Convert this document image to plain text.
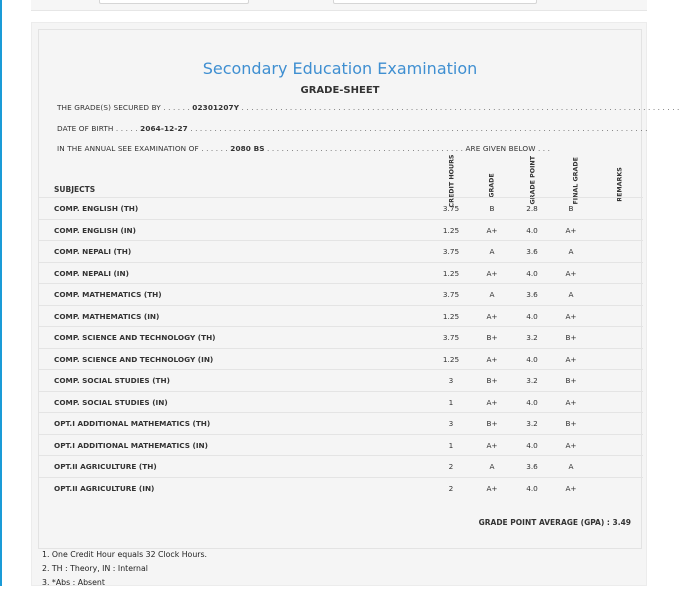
Secondary Education Examination
GRADE-SHEET
THE GRADE(S) SECURED BY . . . . . . 02301207Y . . . . . . . . . . . . . . . . . . . . . . . . . . . . . . . . . . . . . . . . . . . . . . . . . . . . . . . . . . . . . . . . . . . . . . . . . . . . . . . . . . . . . . . . . . .
DATE OF BIRTH . . . . . 2064-12-27 . . . . . . . . . . . . . . . . . . . . . . . . . . . . . . . . . . . . . . . . . . . . . . . . . . . . . . . . . . . . . . . . . . . . . . . . . . . . . . . . . . . . . . . . . . . . . . .
IN THE ANNUAL SEE EXAMINATION OF . . . . . . 2080 BS . . . . . . . . . . . . . . . . . . . . . . . . . . . . . . . . . . . . . . . . . ARE GIVEN BELOW . . .
SUBJECTS	CREDIT HOURS	GRADE	GRADE POINT	FINAL GRADE	REMARKS
COMP. ENGLISH (TH)	3.75	B	2.8	B
COMP. ENGLISH (IN)	1.25	A+	4.0	A+
COMP. NEPALI (TH)	3.75	A	3.6	A
COMP. NEPALI (IN)	1.25	A+	4.0	A+
COMP. MATHEMATICS (TH)	3.75	A	3.6	A
COMP. MATHEMATICS (IN)	1.25	A+	4.0	A+
COMP. SCIENCE AND TECHNOLOGY (TH)	3.75	B+	3.2	B+
COMP. SCIENCE AND TECHNOLOGY (IN)	1.25	A+	4.0	A+
COMP. SOCIAL STUDIES (TH)	3	B+	3.2	B+
COMP. SOCIAL STUDIES (IN)	1	A+	4.0	A+
OPT.I ADDITIONAL MATHEMATICS (TH)	3	B+	3.2	B+
OPT.I ADDITIONAL MATHEMATICS (IN)	1	A+	4.0	A+
OPT.II AGRICULTURE (TH)	2	A	3.6	A
OPT.II AGRICULTURE (IN)	2	A+	4.0	A+
GRADE POINT AVERAGE (GPA) : 3.49
1. One Credit Hour equals 32 Clock Hours.
2. TH : Theory, IN : Internal
3. *Abs : Absent
